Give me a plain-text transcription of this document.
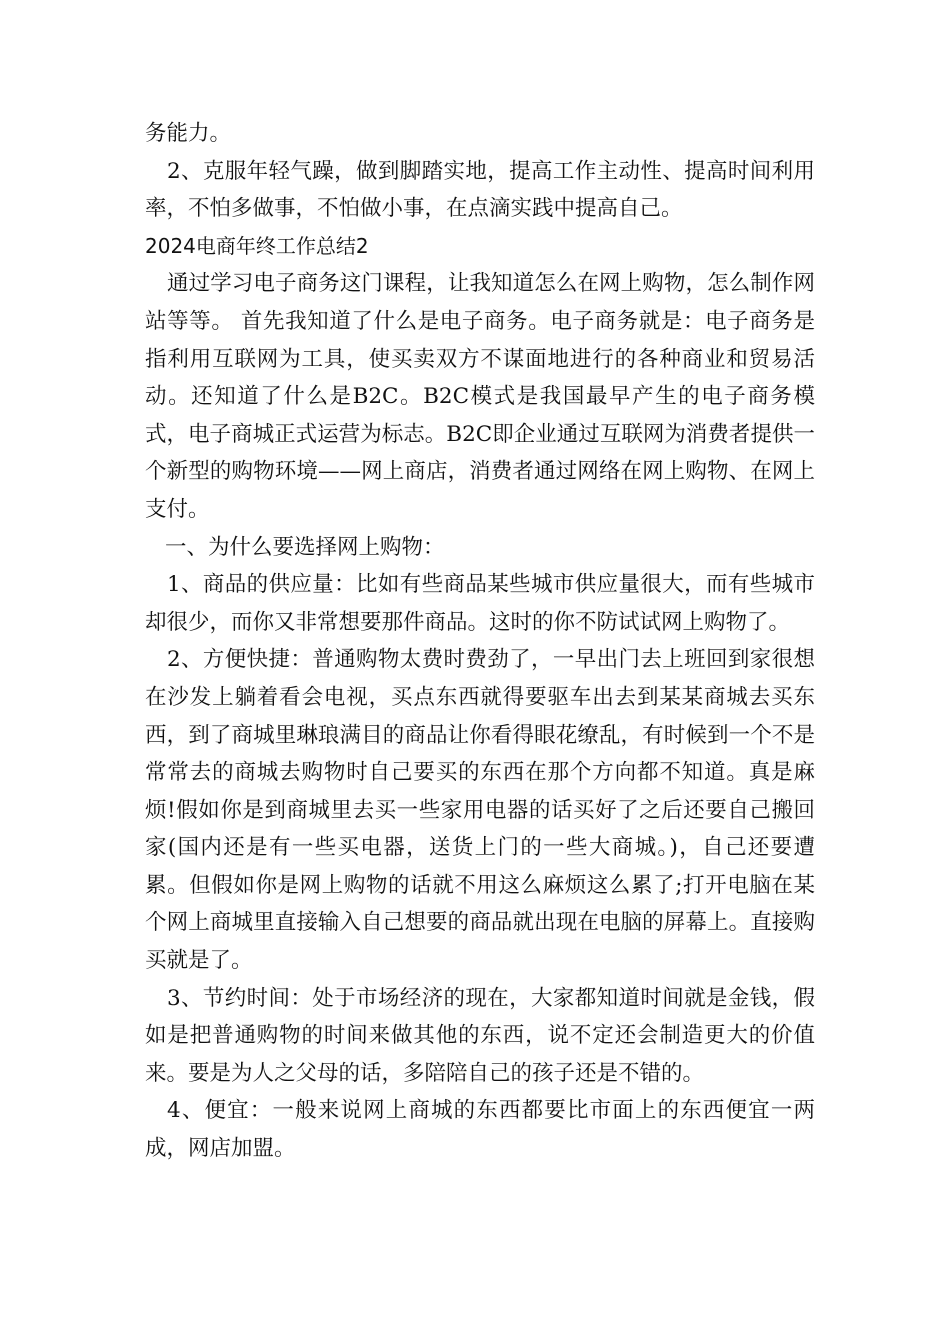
务能力。

2、克服年轻气躁，做到脚踏实地，提高工作主动性、提高时间利用率，不怕多做事，不怕做小事，在点滴实践中提高自己。

2024电商年终工作总结2

通过学习电子商务这门课程，让我知道怎么在网上购物，怎么制作网站等等。 首先我知道了什么是电子商务。电子商务就是：电子商务是指利用互联网为工具，使买卖双方不谋面地进行的各种商业和贸易活动。还知道了什么是B2C。B2C模式是我国最早产生的电子商务模式，电子商城正式运营为标志。B2C即企业通过互联网为消费者提供一个新型的购物环境——网上商店，消费者通过网络在网上购物、在网上支付。

一、为什么要选择网上购物：

1、商品的供应量：比如有些商品某些城市供应量很大，而有些城市却很少，而你又非常想要那件商品。这时的你不防试试网上购物了。

2、方便快捷：普通购物太费时费劲了，一早出门去上班回到家很想在沙发上躺着看会电视，买点东西就得要驱车出去到某某商城去买东西，到了商城里琳琅满目的商品让你看得眼花缭乱，有时候到一个不是常常去的商城去购物时自己要买的东西在那个方向都不知道。真是麻烦!假如你是到商城里去买一些家用电器的话买好了之后还要自己搬回家(国内还是有一些买电器，送货上门的一些大商城。)，自己还要遭累。但假如你是网上购物的话就不用这么麻烦这么累了;打开电脑在某个网上商城里直接输入自己想要的商品就出现在电脑的屏幕上。直接购买就是了。

3、节约时间：处于市场经济的现在，大家都知道时间就是金钱，假如是把普通购物的时间来做其他的东西，说不定还会制造更大的价值来。要是为人之父母的话，多陪陪自己的孩子还是不错的。

4、便宜：一般来说网上商城的东西都要比市面上的东西便宜一两成，网店加盟。
